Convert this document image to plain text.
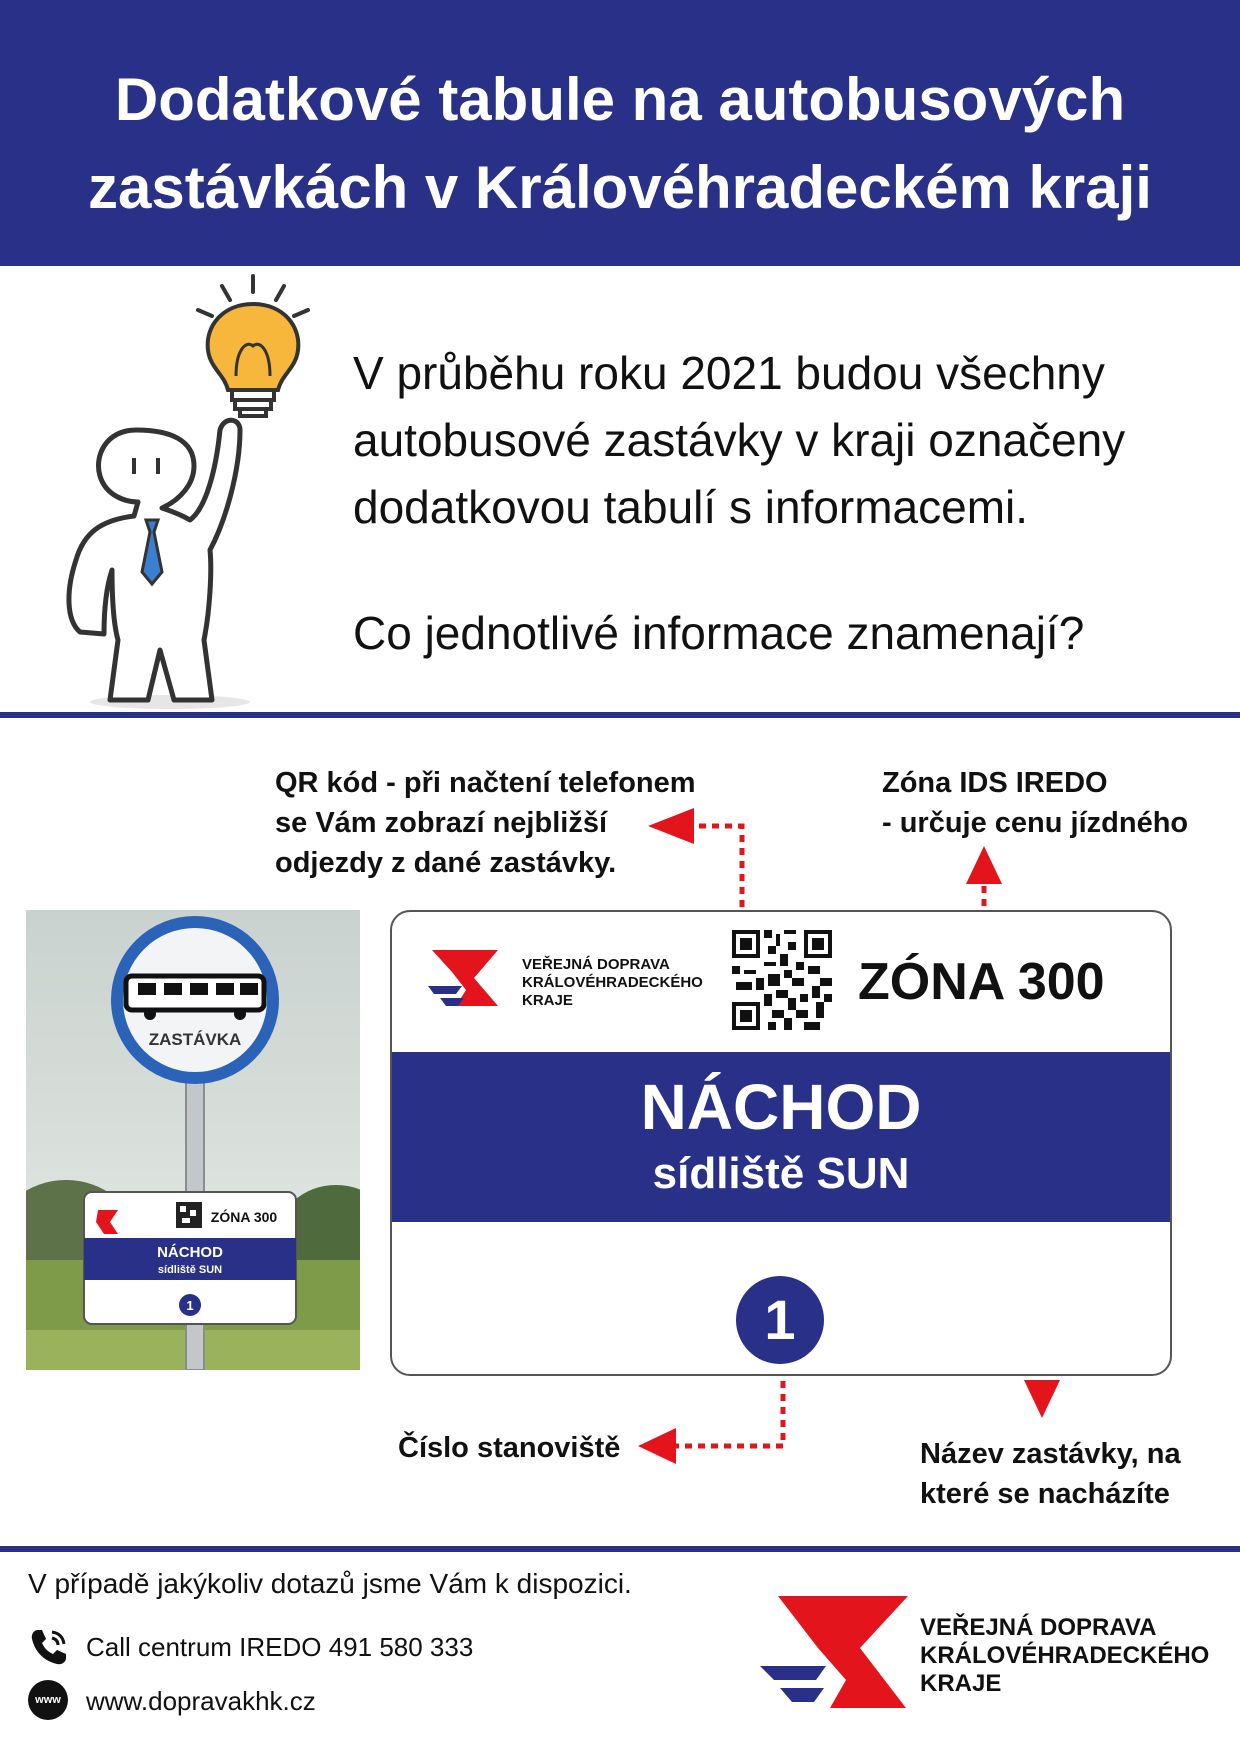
Dodatkové tabule na autobusových
zastávkách v Královéhradeckém kraji
V průběhu roku 2021 budou všechny
autobusové zastávky v kraji označeny
dodatkovou tabulí s informacemi.
Co jednotlivé informace znamenají?
QR kód - při načtení telefonem
se Vám zobrazí nejbližší
odjezdy z dané zastávky.
Zóna IDS IREDO
- určuje cenu jízdného
Číslo stanoviště	Název zastávky, na
které se nacházíte
ZASTÁVKA
ZÓNA 300
NÁCHOD
sídliště SUN
1
VEŘEJNÁ DOPRAVA
KRÁLOVÉHRADECKÉHO
KRAJE	ZÓNA 300
NÁCHOD
sídliště SUN
1
V případě jakýkoliv dotazů jsme Vám k dispozici.
Call centrum IREDO 491 580 333
www www.dopravakhk.cz
VEŘEJNÁ DOPRAVA
KRÁLOVÉHRADECKÉHO
KRAJE
